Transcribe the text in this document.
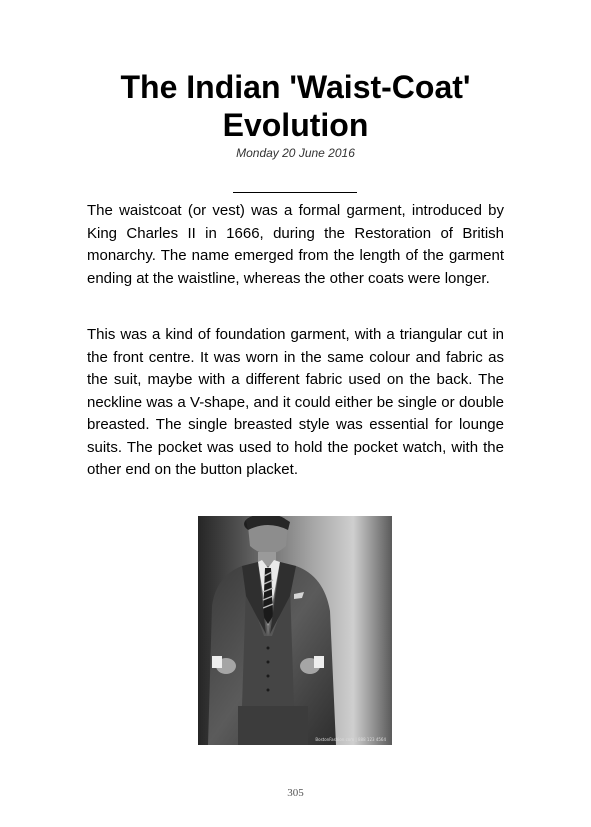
The Indian 'Waist-Coat' Evolution

Monday 20 June 2016

The waistcoat (or vest) was a formal garment, introduced by King Charles II in 1666, during the Restoration of British monarchy. The name emerged from the length of the garment ending at the waistline, whereas the other coats were longer.

This was a kind of foundation garment, with a triangular cut in the front centre. It was worn in the same colour and fabric as the suit, maybe with a different fabric used on the back. The neckline was a V-shape, and it could either be single or double breasted. The single breasted style was essential for lounge suits. The pocket was used to hold the pocket watch, with the other end on the button placket.

BostonFashion.com | 888 123 4564

305
